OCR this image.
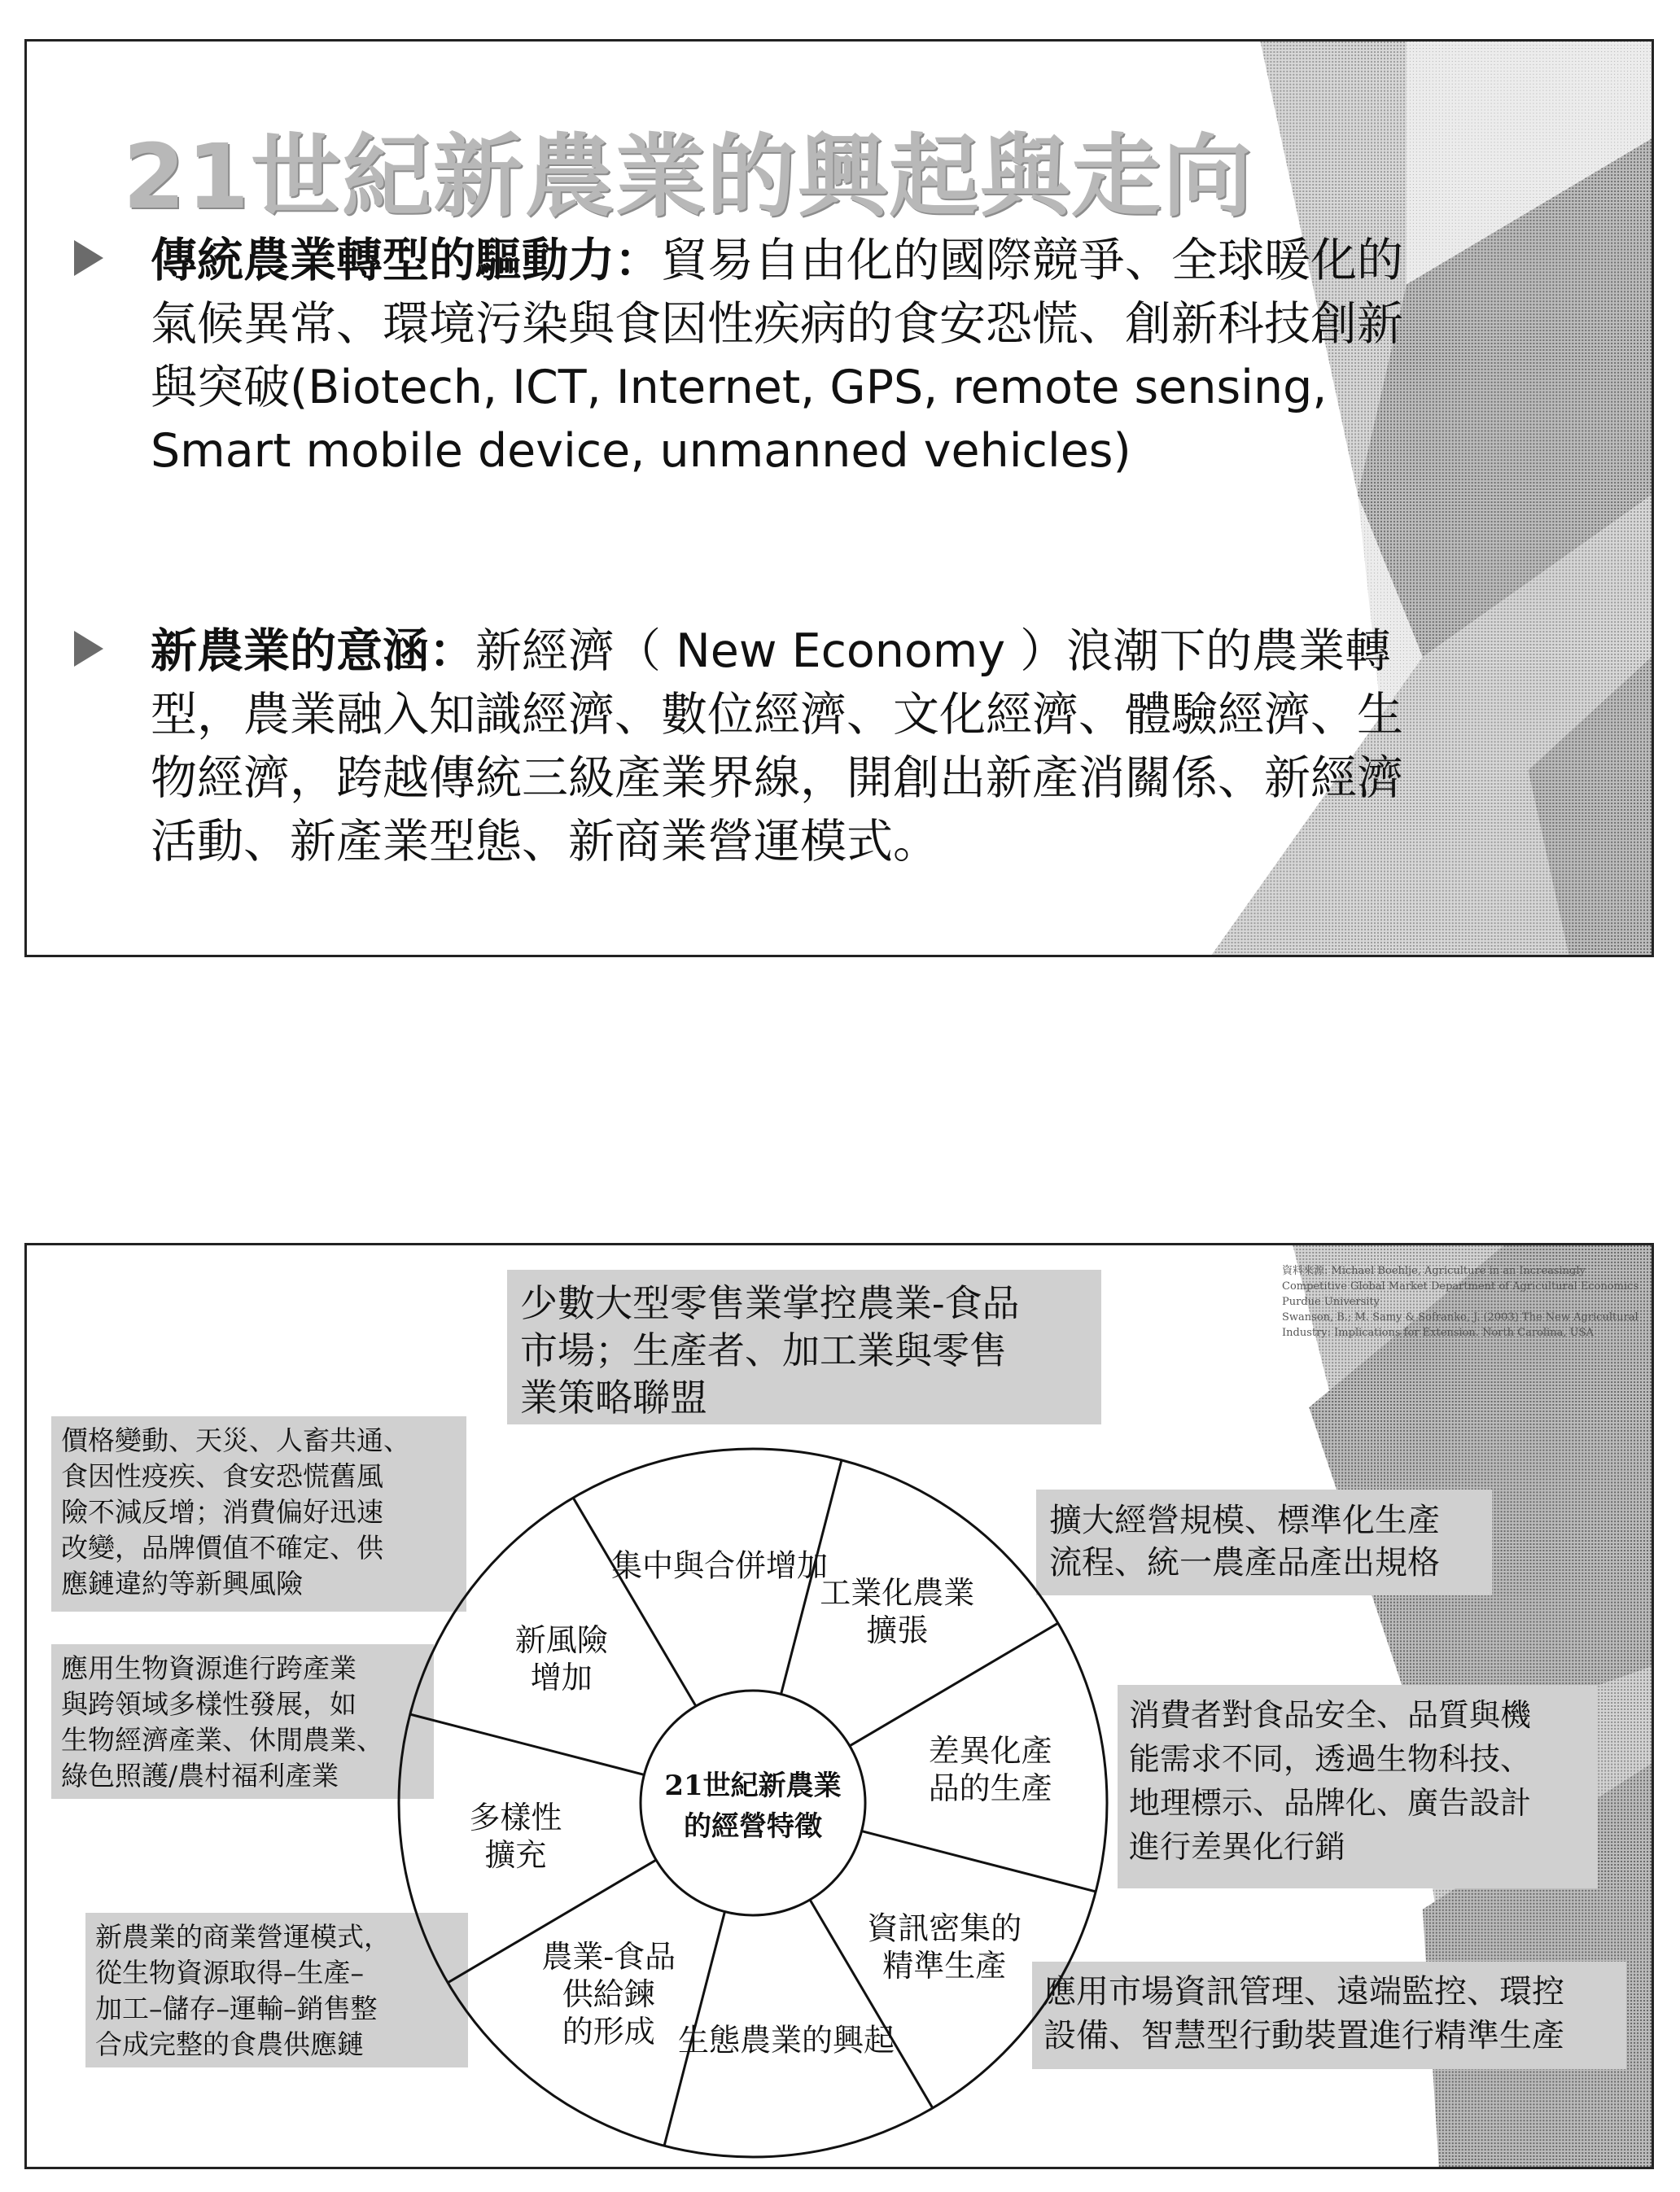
21世紀新農業的興起與走向

傳統農業轉型的驅動力：貿易自由化的國際競爭、全球暖化的氣候異常、環境污染與食因性疾病的食安恐慌、創新科技創新與突破(Biotech, ICT, Internet, GPS, remote sensing, Smart mobile device, unmanned vehicles)

新農業的意涵：新經濟（ New Economy ）浪潮下的農業轉型，農業融入知識經濟、數位經濟、文化經濟、體驗經濟、生物經濟，跨越傳統三級產業界線，開創出新產消關係、新經濟活動、新產業型態、新商業營運模式。

資料來源: Michael Boehlje, Agriculture in an Increasingly Competitive Global Market Department of Agricultural Economics Purdue University
Swanson, B.; M. Samy & Sofranko, J. (2003) The New Agricultural Industry: Implications for Extension. North Carolina, USA
少數大型零售業掌控農業-食品
市場；生產者、加工業與零售
業策略聯盟
價格變動、天災、人畜共通、
食因性疫疾、食安恐慌舊風
險不減反增；消費偏好迅速
改變，品牌價值不確定、供
應鏈違約等新興風險
應用生物資源進行跨產業
與跨領域多樣性發展，如
生物經濟產業、休閒農業、
綠色照護/農村福利產業
新農業的商業營運模式，
從生物資源取得–生產–
加工–儲存–運輸–銷售整
合成完整的食農供應鏈
擴大經營規模、標準化生產
流程、統一農產品產出規格
消費者對食品安全、品質與機
能需求不同，透過生物科技、
地理標示、品牌化、廣告設計
進行差異化行銷
應用市場資訊管理、遠端監控、環控
設備、智慧型行動裝置進行精準生產
集中與合併增加
工業化農業擴張
差異化產品的生產
資訊密集的精準生產
生態農業的興起
農業-食品供給鍊的形成
多樣性擴充
新風險增加
21世紀新農業的經營特徵
